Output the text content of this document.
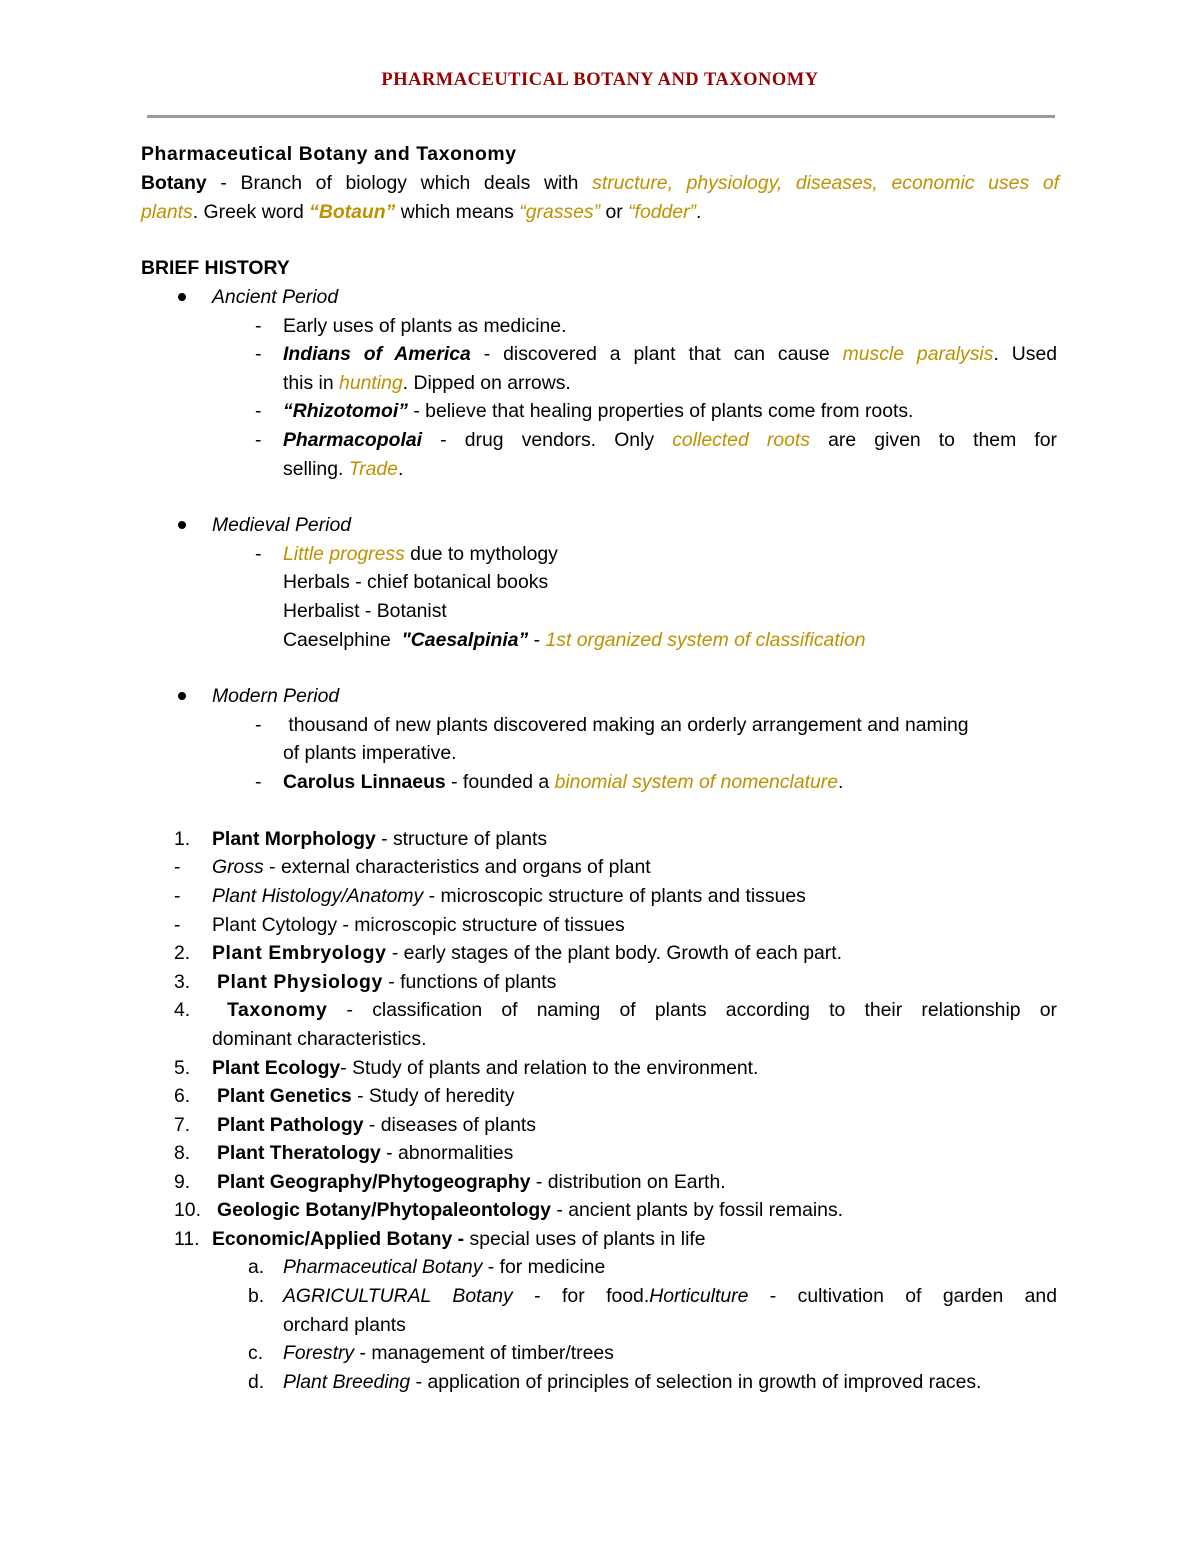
PHARMACEUTICAL BOTANY AND TAXONOMY
Pharmaceutical Botany and Taxonomy
Botany - Branch of biology which deals with structure, physiology, diseases, economic uses of
plants. Greek word “Botaun” which means “grasses” or “fodder”.
BRIEF HISTORY
Ancient Period
- Early uses of plants as medicine.
- Indians of America - discovered a plant that can cause muscle paralysis. Used
this in hunting. Dipped on arrows.
- “Rhizotomoi” - believe that healing properties of plants come from roots.
- Pharmacopolai - drug vendors. Only collected roots are given to them for
selling. Trade.
Medieval Period
- Little progress due to mythology
Herbals - chief botanical books
Herbalist - Botanist
Caeselphine  "Caesalpinia” - 1st organized system of classification
Modern Period
- thousand of new plants discovered making an orderly arrangement and naming
of plants imperative.
- Carolus Linnaeus - founded a binomial system of nomenclature.
1. Plant Morphology - structure of plants
- Gross - external characteristics and organs of plant
- Plant Histology/Anatomy - microscopic structure of plants and tissues
- Plant Cytology - microscopic structure of tissues
2. Plant Embryology - early stages of the plant body. Growth of each part.
3. Plant Physiology - functions of plants
4. Taxonomy - classification of naming of plants according to their relationship or
dominant characteristics.
5. Plant Ecology- Study of plants and relation to the environment.
6. Plant Genetics - Study of heredity
7. Plant Pathology - diseases of plants
8. Plant Theratology - abnormalities
9. Plant Geography/Phytogeography - distribution on Earth.
10. Geologic Botany/Phytopaleontology - ancient plants by fossil remains.
11. Economic/Applied Botany - special uses of plants in life
a. Pharmaceutical Botany - for medicine
b. AGRICULTURAL Botany - for food.Horticulture - cultivation of garden and
orchard plants
c. Forestry - management of timber/trees
d. Plant Breeding - application of principles of selection in growth of improved races.
